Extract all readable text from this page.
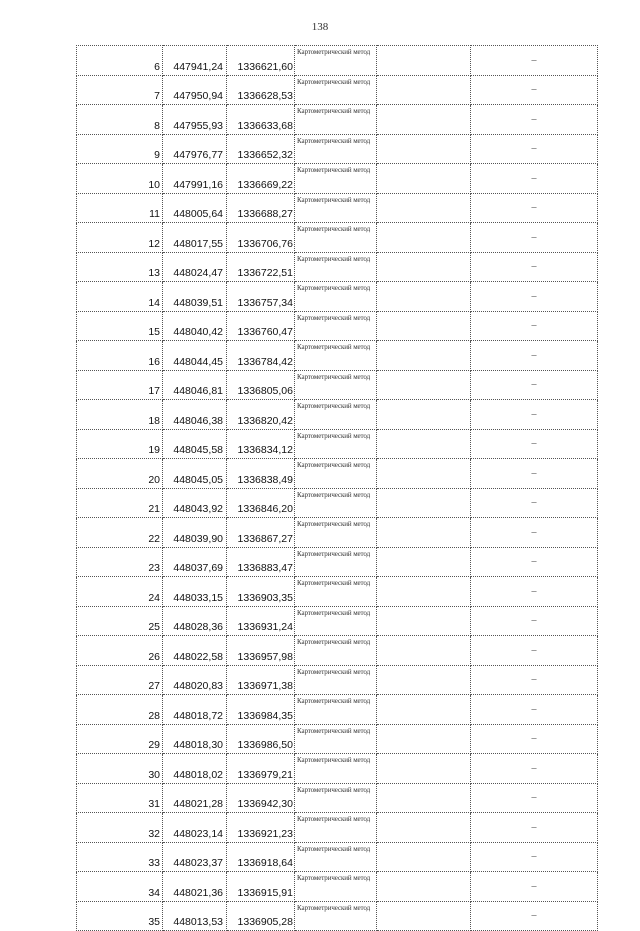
138
6	447941,24	1336621,60	Картометрический метод		–
7	447950,94	1336628,53	Картометрический метод		–
8	447955,93	1336633,68	Картометрический метод		–
9	447976,77	1336652,32	Картометрический метод		–
10	447991,16	1336669,22	Картометрический метод		–
11	448005,64	1336688,27	Картометрический метод		–
12	448017,55	1336706,76	Картометрический метод		–
13	448024,47	1336722,51	Картометрический метод		–
14	448039,51	1336757,34	Картометрический метод		–
15	448040,42	1336760,47	Картометрический метод		–
16	448044,45	1336784,42	Картометрический метод		–
17	448046,81	1336805,06	Картометрический метод		–
18	448046,38	1336820,42	Картометрический метод		–
19	448045,58	1336834,12	Картометрический метод		–
20	448045,05	1336838,49	Картометрический метод		–
21	448043,92	1336846,20	Картометрический метод		–
22	448039,90	1336867,27	Картометрический метод		–
23	448037,69	1336883,47	Картометрический метод		–
24	448033,15	1336903,35	Картометрический метод		–
25	448028,36	1336931,24	Картометрический метод		–
26	448022,58	1336957,98	Картометрический метод		–
27	448020,83	1336971,38	Картометрический метод		–
28	448018,72	1336984,35	Картометрический метод		–
29	448018,30	1336986,50	Картометрический метод		–
30	448018,02	1336979,21	Картометрический метод		–
31	448021,28	1336942,30	Картометрический метод		–
32	448023,14	1336921,23	Картометрический метод		–
33	448023,37	1336918,64	Картометрический метод		–
34	448021,36	1336915,91	Картометрический метод		–
35	448013,53	1336905,28	Картометрический метод		–
